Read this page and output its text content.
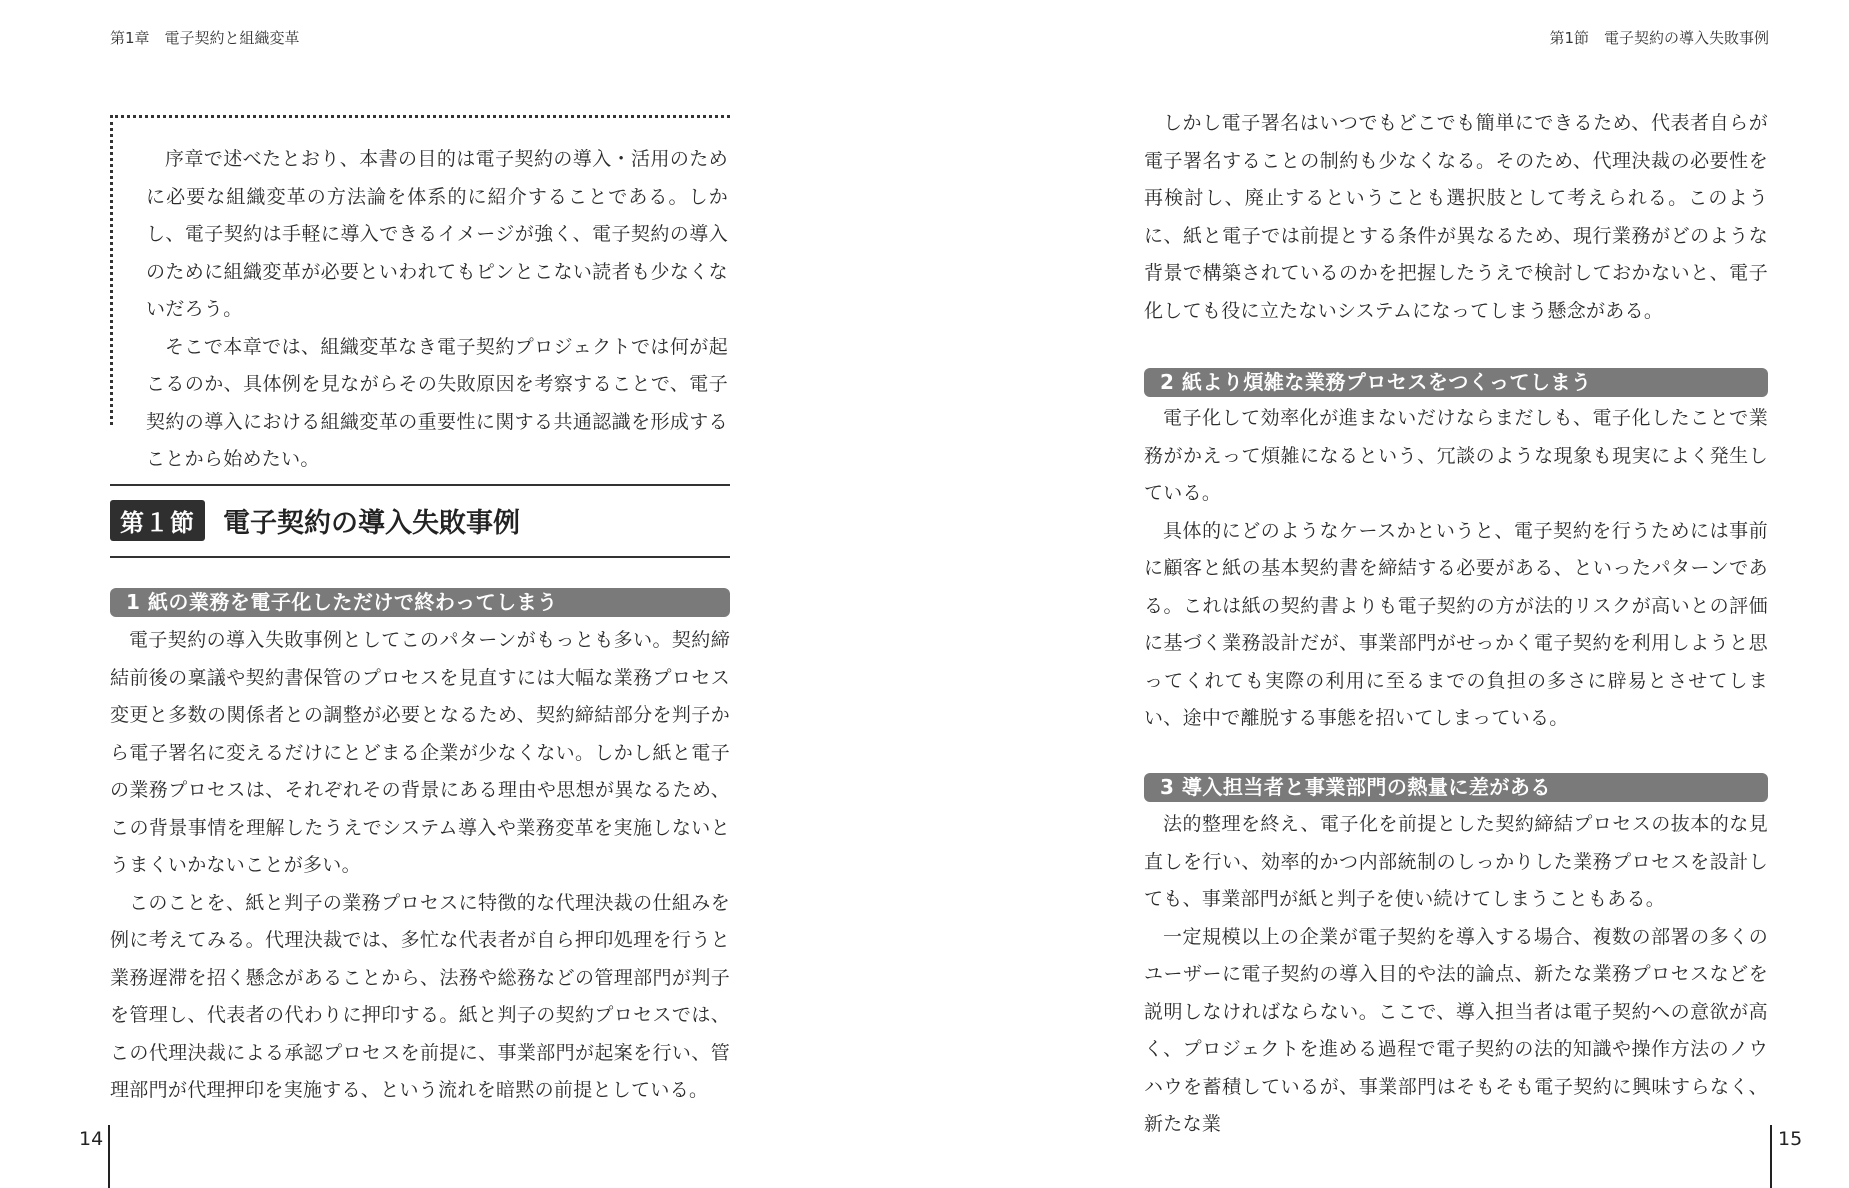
第1章　電子契約と組織変革

序章で述べたとおり、本書の目的は電子契約の導入・活用のために必要な組織変革の方法論を体系的に紹介することである。しかし、電子契約は手軽に導入できるイメージが強く、電子契約の導入のために組織変革が必要といわれてもピンとこない読者も少なくないだろう。

そこで本章では、組織変革なき電子契約プロジェクトでは何が起こるのか、具体例を見ながらその失敗原因を考察することで、電子契約の導入における組織変革の重要性に関する共通認識を形成することから始めたい。

第１節	電子契約の導入失敗事例
1 紙の業務を電子化しただけで終わってしまう

電子契約の導入失敗事例としてこのパターンがもっとも多い。契約締結前後の稟議や契約書保管のプロセスを見直すには大幅な業務プロセス変更と多数の関係者との調整が必要となるため、契約締結部分を判子から電子署名に変えるだけにとどまる企業が少なくない。しかし紙と電子の業務プロセスは、それぞれその背景にある理由や思想が異なるため、この背景事情を理解したうえでシステム導入や業務変革を実施しないとうまくいかないことが多い。

このことを、紙と判子の業務プロセスに特徴的な代理決裁の仕組みを例に考えてみる。代理決裁では、多忙な代表者が自ら押印処理を行うと業務遅滞を招く懸念があることから、法務や総務などの管理部門が判子を管理し、代表者の代わりに押印する。紙と判子の契約プロセスでは、この代理決裁による承認プロセスを前提に、事業部門が起案を行い、管理部門が代理押印を実施する、という流れを暗黙の前提としている。

14
第1節　電子契約の導入失敗事例

しかし電子署名はいつでもどこでも簡単にできるため、代表者自らが電子署名することの制約も少なくなる。そのため、代理決裁の必要性を再検討し、廃止するということも選択肢として考えられる。このように、紙と電子では前提とする条件が異なるため、現行業務がどのような背景で構築されているのかを把握したうえで検討しておかないと、電子化しても役に立たないシステムになってしまう懸念がある。

2 紙より煩雑な業務プロセスをつくってしまう

電子化して効率化が進まないだけならまだしも、電子化したことで業務がかえって煩雑になるという、冗談のような現象も現実によく発生している。

具体的にどのようなケースかというと、電子契約を行うためには事前に顧客と紙の基本契約書を締結する必要がある、といったパターンである。これは紙の契約書よりも電子契約の方が法的リスクが高いとの評価に基づく業務設計だが、事業部門がせっかく電子契約を利用しようと思ってくれても実際の利用に至るまでの負担の多さに辟易とさせてしまい、途中で離脱する事態を招いてしまっている。

3 導入担当者と事業部門の熱量に差がある

法的整理を終え、電子化を前提とした契約締結プロセスの抜本的な見直しを行い、効率的かつ内部統制のしっかりした業務プロセスを設計しても、事業部門が紙と判子を使い続けてしまうこともある。

一定規模以上の企業が電子契約を導入する場合、複数の部署の多くのユーザーに電子契約の導入目的や法的論点、新たな業務プロセスなどを説明しなければならない。ここで、導入担当者は電子契約への意欲が高く、プロジェクトを進める過程で電子契約の法的知識や操作方法のノウハウを蓄積しているが、事業部門はそもそも電子契約に興味すらなく、新たな業

15
